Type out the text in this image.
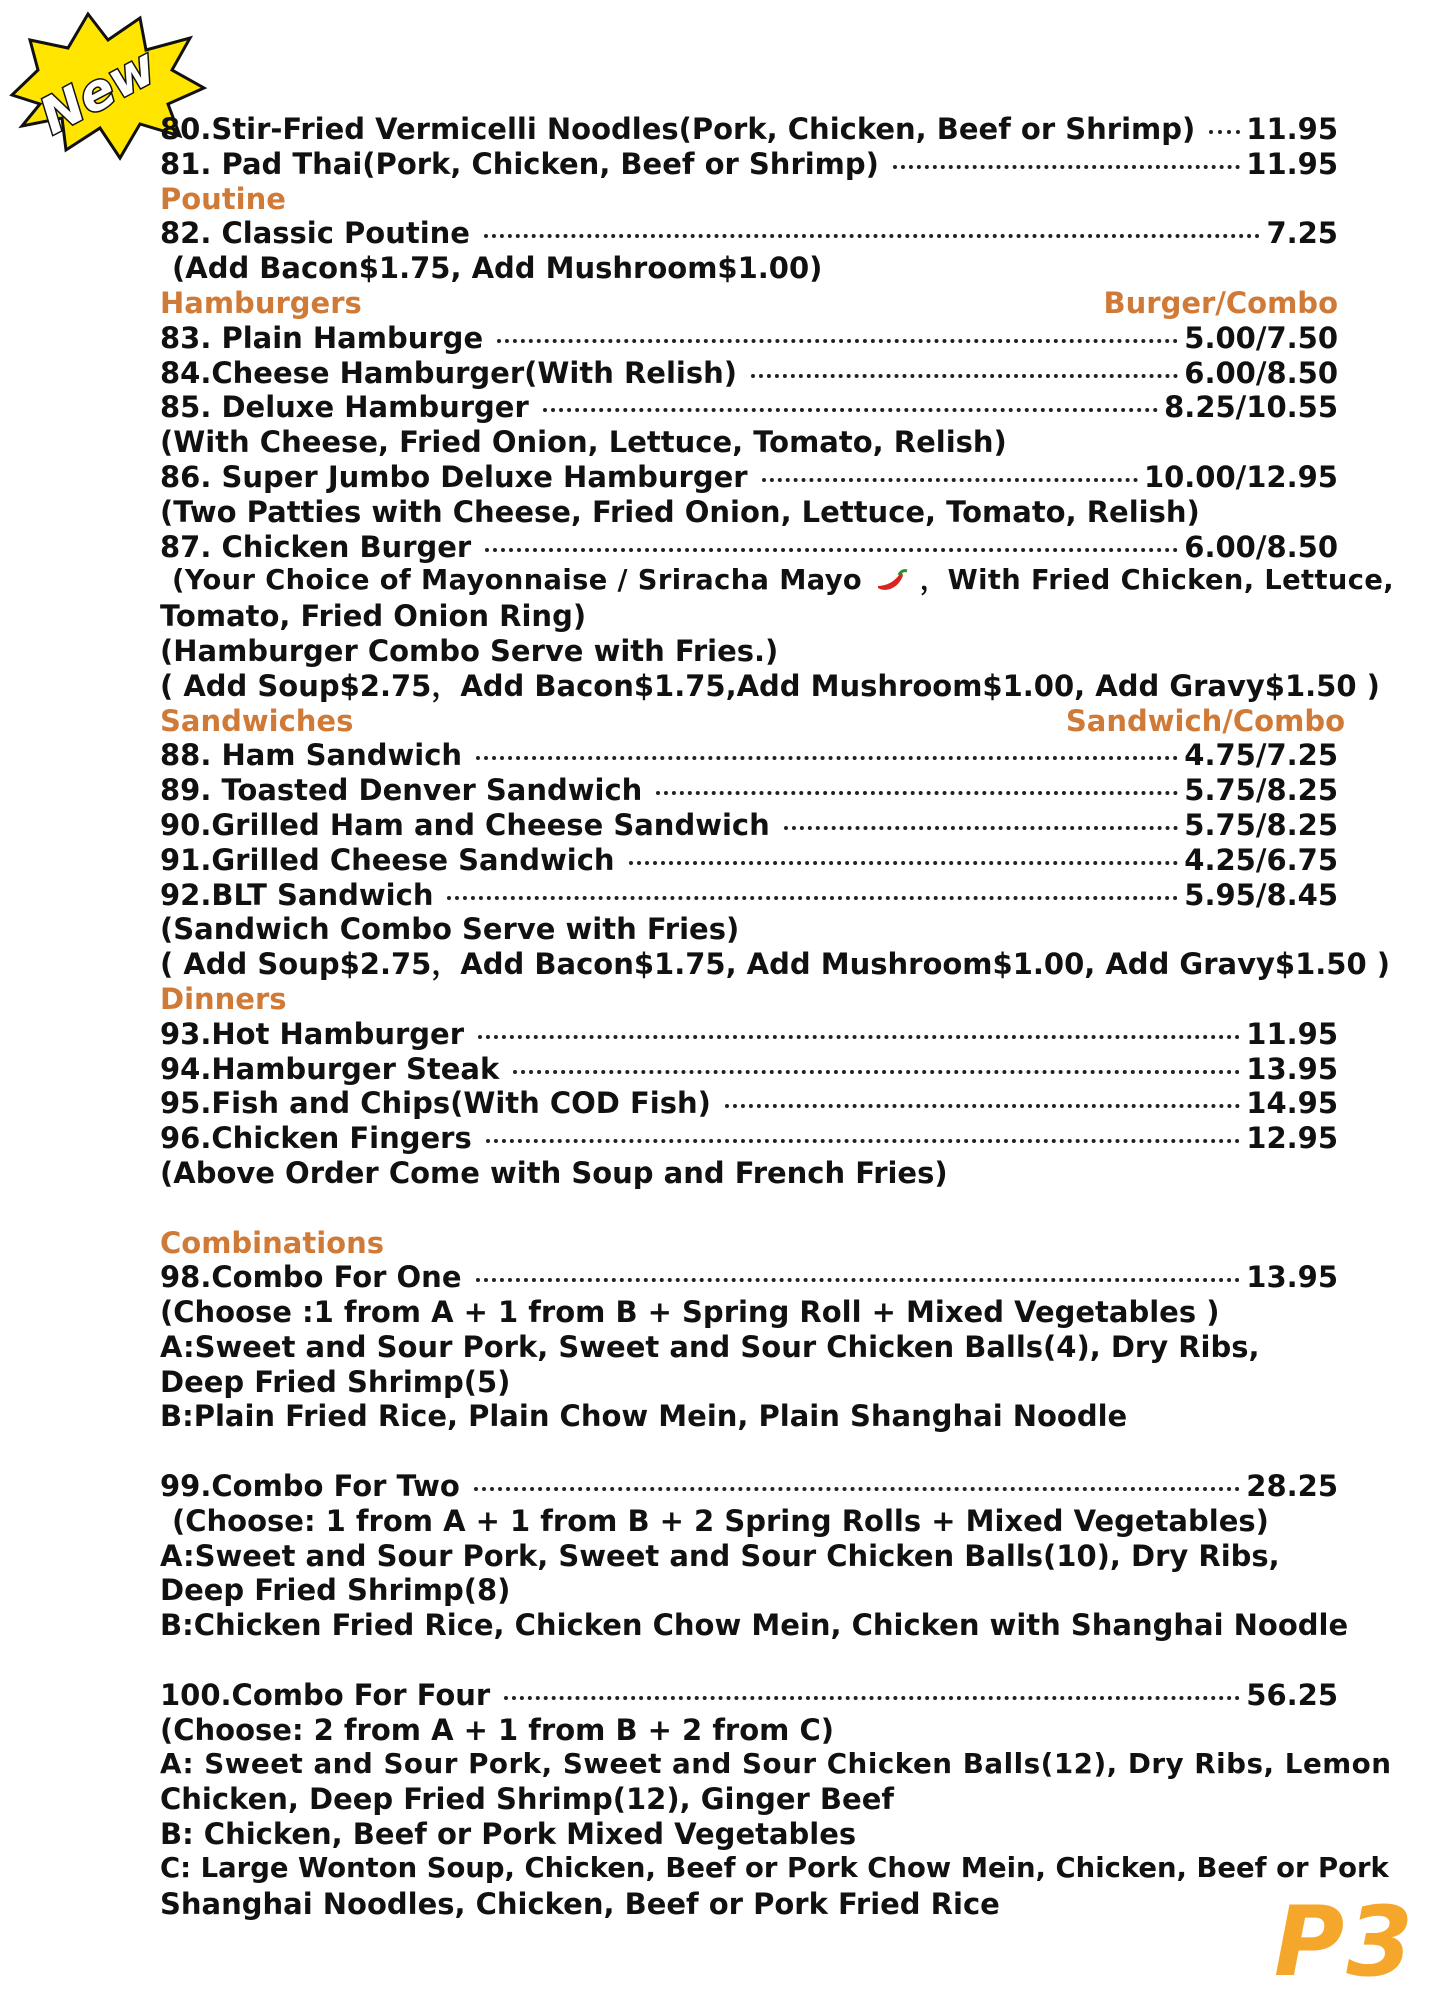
New
80.Stir-Fried Vermicelli Noodles(Pork, Chicken, Beef or Shrimp) 11.95
81. Pad Thai(Pork, Chicken, Beef or Shrimp)	11.95
Poutine
82. Classic Poutine	7.25
(Add Bacon$1.75, Add Mushroom$1.00)
Hamburgers	Burger/Combo
83. Plain Hamburge	5.00/7.50
84.Cheese Hamburger(With Relish)	6.00/8.50
85. Deluxe Hamburger	8.25/10.55
(With Cheese, Fried Onion, Lettuce, Tomato, Relish)
86. Super Jumbo Deluxe Hamburger	10.00/12.95
(Two Patties with Cheese, Fried Onion, Lettuce, Tomato, Relish)
87. Chicken Burger	6.00/8.50
(Your Choice of Mayonnaise / Sriracha Mayo ，With Fried Chicken, Lettuce,
Tomato, Fried Onion Ring)
(Hamburger Combo Serve with Fries.)
( Add Soup$2.75，Add Bacon$1.75,Add Mushroom$1.00, Add Gravy$1.50 )
Sandwiches	Sandwich/Combo
88. Ham Sandwich	4.75/7.25
89. Toasted Denver Sandwich	5.75/8.25
90.Grilled Ham and Cheese Sandwich	5.75/8.25
91.Grilled Cheese Sandwich	4.25/6.75
92.BLT Sandwich	5.95/8.45
(Sandwich Combo Serve with Fries)
( Add Soup$2.75，Add Bacon$1.75, Add Mushroom$1.00, Add Gravy$1.50 )
Dinners
93.Hot Hamburger	11.95
94.Hamburger Steak	13.95
95.Fish and Chips(With COD Fish)	14.95
96.Chicken Fingers	12.95
(Above Order Come with Soup and French Fries)
Combinations
98.Combo For One	13.95
(Choose :1 from A + 1 from B + Spring Roll + Mixed Vegetables )
A:Sweet and Sour Pork, Sweet and Sour Chicken Balls(4), Dry Ribs,
Deep Fried Shrimp(5)
B:Plain Fried Rice, Plain Chow Mein, Plain Shanghai Noodle
99.Combo For Two	28.25
(Choose: 1 from A + 1 from B + 2 Spring Rolls + Mixed Vegetables)
A:Sweet and Sour Pork, Sweet and Sour Chicken Balls(10), Dry Ribs,
Deep Fried Shrimp(8)
B:Chicken Fried Rice, Chicken Chow Mein, Chicken with Shanghai Noodle
100.Combo For Four	56.25
(Choose: 2 from A + 1 from B + 2 from C)
A: Sweet and Sour Pork, Sweet and Sour Chicken Balls(12), Dry Ribs, Lemon
Chicken, Deep Fried Shrimp(12), Ginger Beef
B: Chicken, Beef or Pork Mixed Vegetables
C: Large Wonton Soup, Chicken, Beef or Pork Chow Mein, Chicken, Beef or Pork
Shanghai Noodles, Chicken, Beef or Pork Fried Rice	P3
